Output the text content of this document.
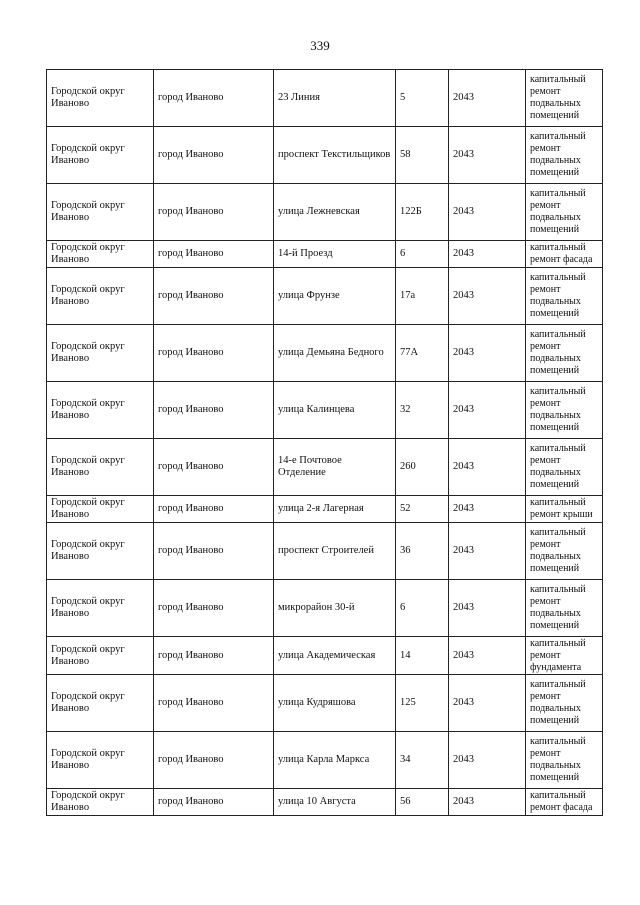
339
Городской округ Иваново	город Иваново	23 Линия	5	2043	капитальный ремонт подвальных помещений
Городской округ Иваново	город Иваново	проспект Текстильщиков	58	2043	капитальный ремонт подвальных помещений
Городской округ Иваново	город Иваново	улица Лежневская	122Б	2043	капитальный ремонт подвальных помещений
Городской округ Иваново	город Иваново	14-й Проезд	6	2043	капитальный ремонт фасада
Городской округ Иваново	город Иваново	улица Фрунзе	17а	2043	капитальный ремонт подвальных помещений
Городской округ Иваново	город Иваново	улица Демьяна Бедного	77А	2043	капитальный ремонт подвальных помещений
Городской округ Иваново	город Иваново	улица Калинцева	32	2043	капитальный ремонт подвальных помещений
Городской округ Иваново	город Иваново	14-е Почтовое Отделение	260	2043	капитальный ремонт подвальных помещений
Городской округ Иваново	город Иваново	улица 2-я Лагерная	52	2043	капитальный ремонт крыши
Городской округ Иваново	город Иваново	проспект Строителей	36	2043	капитальный ремонт подвальных помещений
Городской округ Иваново	город Иваново	микрорайон 30-й	6	2043	капитальный ремонт подвальных помещений
Городской округ Иваново	город Иваново	улица Академическая	14	2043	капитальный ремонт фундамента
Городской округ Иваново	город Иваново	улица Кудряшова	125	2043	капитальный ремонт подвальных помещений
Городской округ Иваново	город Иваново	улица Карла Маркса	34	2043	капитальный ремонт подвальных помещений
Городской округ Иваново	город Иваново	улица 10 Августа	56	2043	капитальный ремонт фасада
